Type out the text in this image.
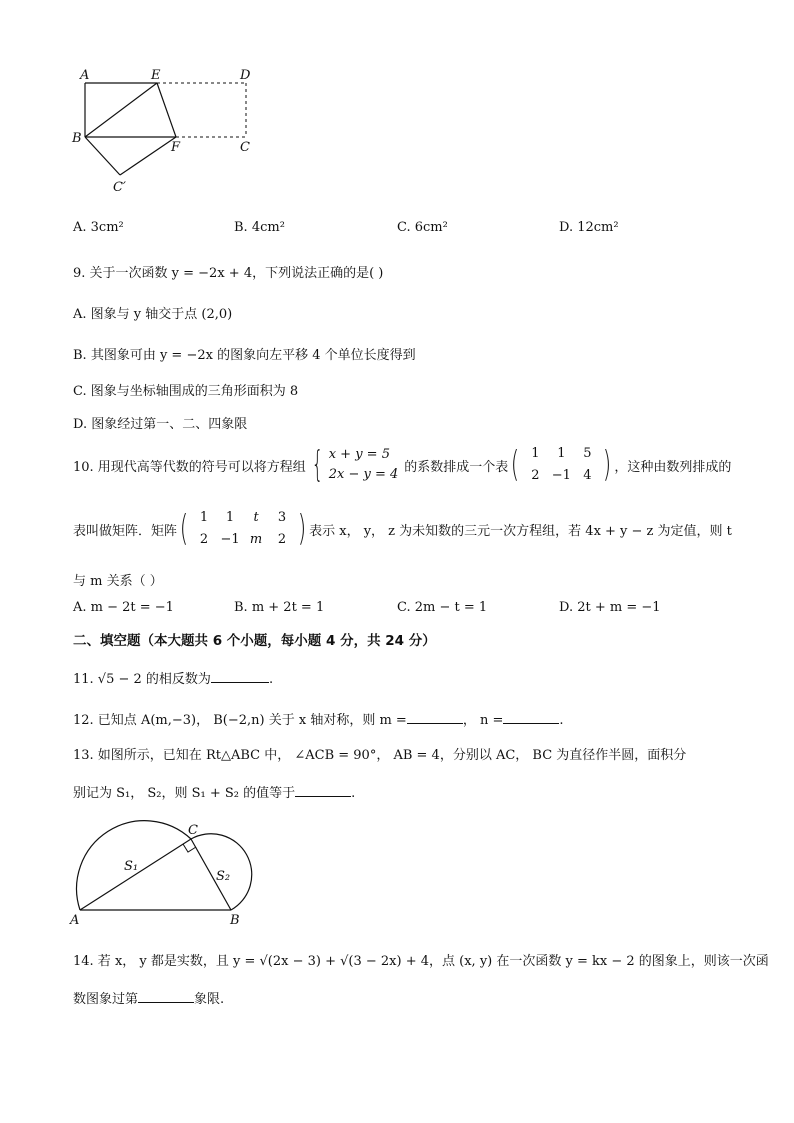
A	E	D
B
F	C
C′
A. 3cm²	B. 4cm²	C. 6cm²	D. 12cm²
9. 关于一次函数 y = −2x + 4，下列说法正确的是( )
A. 图象与 y 轴交于点 (2,0)
B. 其图象可由 y = −2x 的图象向左平移 4 个单位长度得到
C. 图象与坐标轴围成的三角形面积为 8
D. 图象经过第一、二、四象限
10. 用现代高等代数的符号可以将方程组 { x + y = 5
2x − y = 4 的系数排成一个表 ( 1	1	5
2 −1 4 ) ，这种由数列排成的
表叫做矩阵．矩阵 ( 1	1	t	3
2 −1 m	2 ) 表示 x， y， z 为未知数的三元一次方程组，若 4x + y − z 为定值，则 t
与 m 关系（ ）
A. m − 2t = −1	B. m + 2t = 1	C. 2m − t = 1	D. 2t + m = −1
二、填空题（本大题共 6 个小题，每小题 4 分，共 24 分）
11. √5 − 2 的相反数为	.
12. 已知点 A(m,−3)， B(−2,n) 关于 x 轴对称，则 m =	， n =	.
13. 如图所示，已知在 Rt△ABC 中， ∠ACB = 90°， AB = 4，分别以 AC， BC 为直径作半圆，面积分
别记为 S₁， S₂，则 S₁ + S₂ 的值等于	.
C
S₁
S₂
A	B
14. 若 x， y 都是实数，且 y = √(2x − 3) + √(3 − 2x) + 4，点 (x, y) 在一次函数 y = kx − 2 的图象上，则该一次函
数图象过第	象限.
